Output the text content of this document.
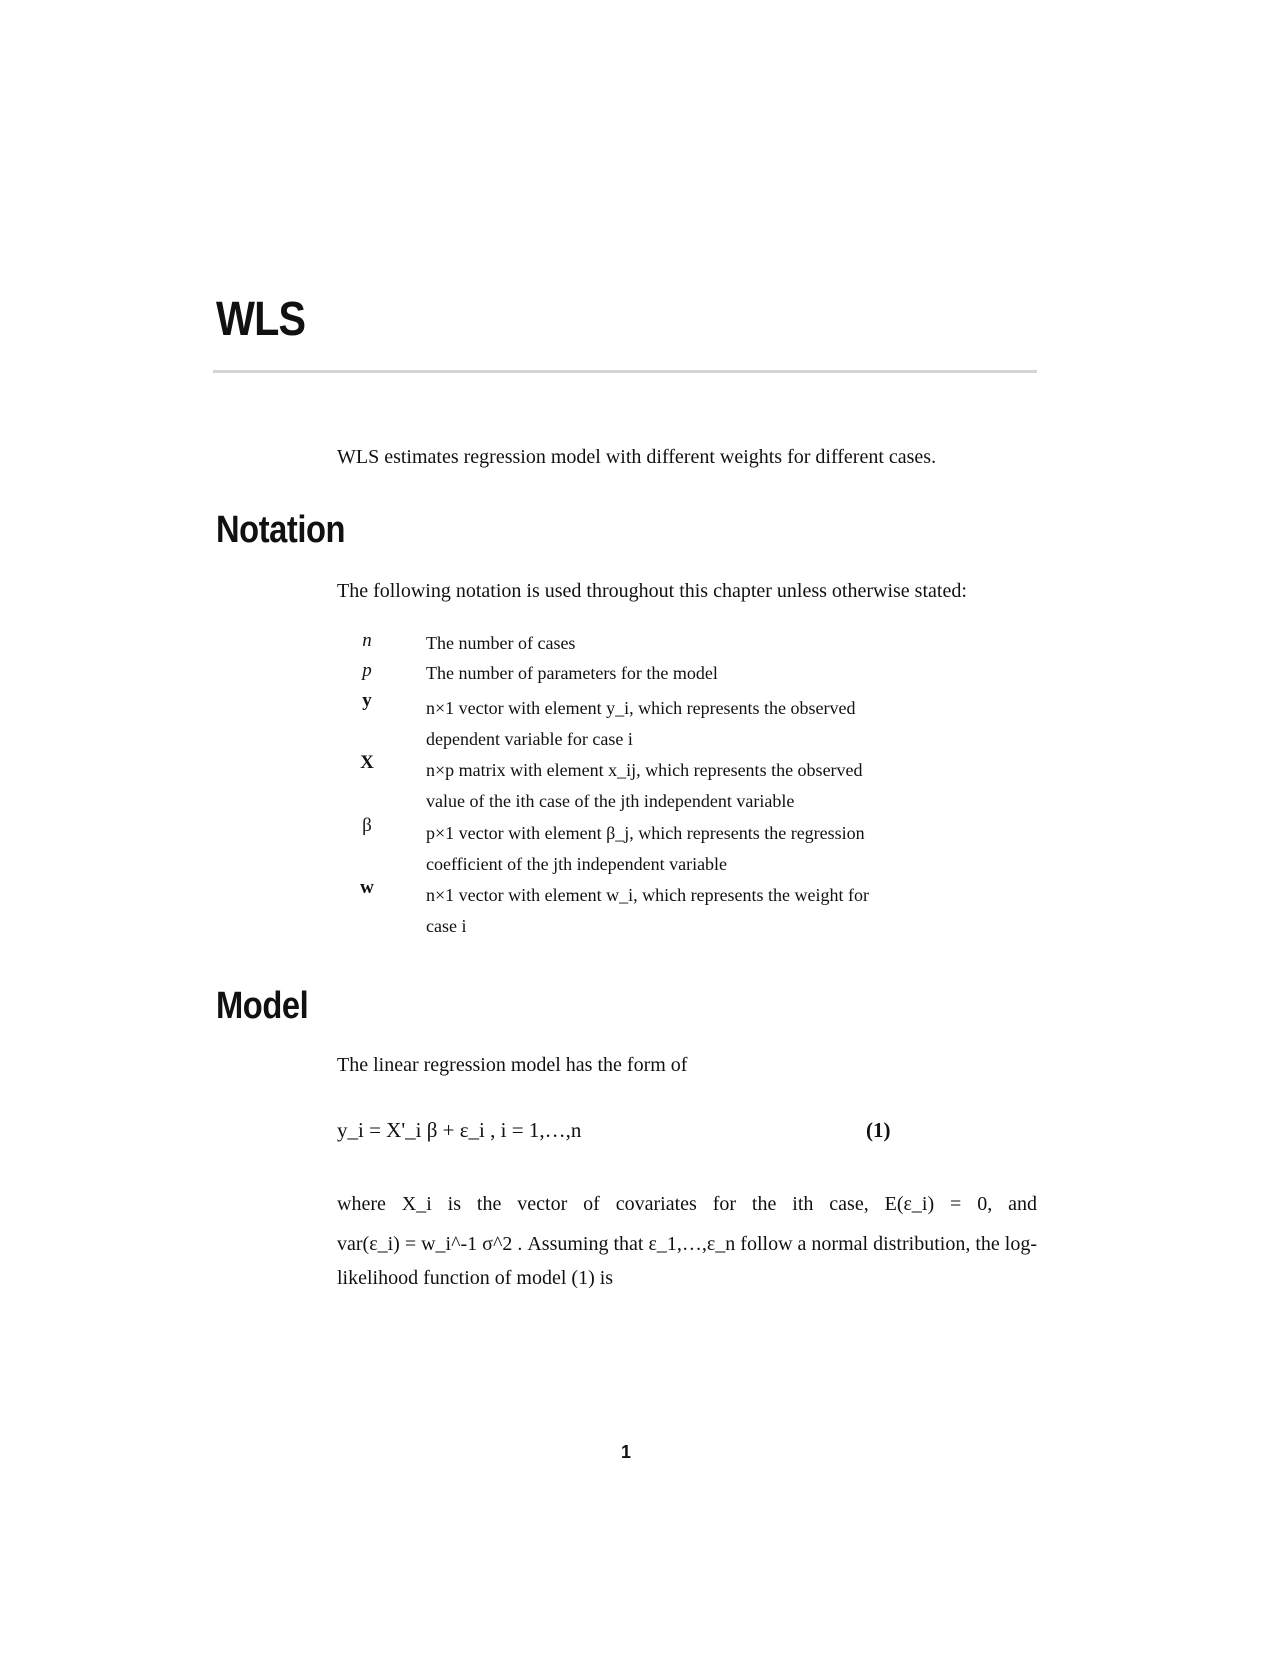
WLS
WLS estimates regression model with different weights for different cases.
Notation
The following notation is used throughout this chapter unless otherwise stated:
n	The number of cases
p	The number of parameters for the model
y	n×1 vector with element y_i, which represents the observed
dependent variable for case i
X	n×p matrix with element x_ij, which represents the observed
value of the ith case of the jth independent variable
β	p×1 vector with element β_j, which represents the regression
coefficient of the jth independent variable
w	n×1 vector with element w_i, which represents the weight for
case i
Model
The linear regression model has the form of
y_i = X'_i β + ε_i , i = 1,…,n	(1)
where X_i is the vector of covariates for the ith case, E(ε_i) = 0, and
var(ε_i) = w_i^-1 σ^2 . Assuming that ε_1,…,ε_n follow a normal distribution, the log-
likelihood function of model (1) is
1
